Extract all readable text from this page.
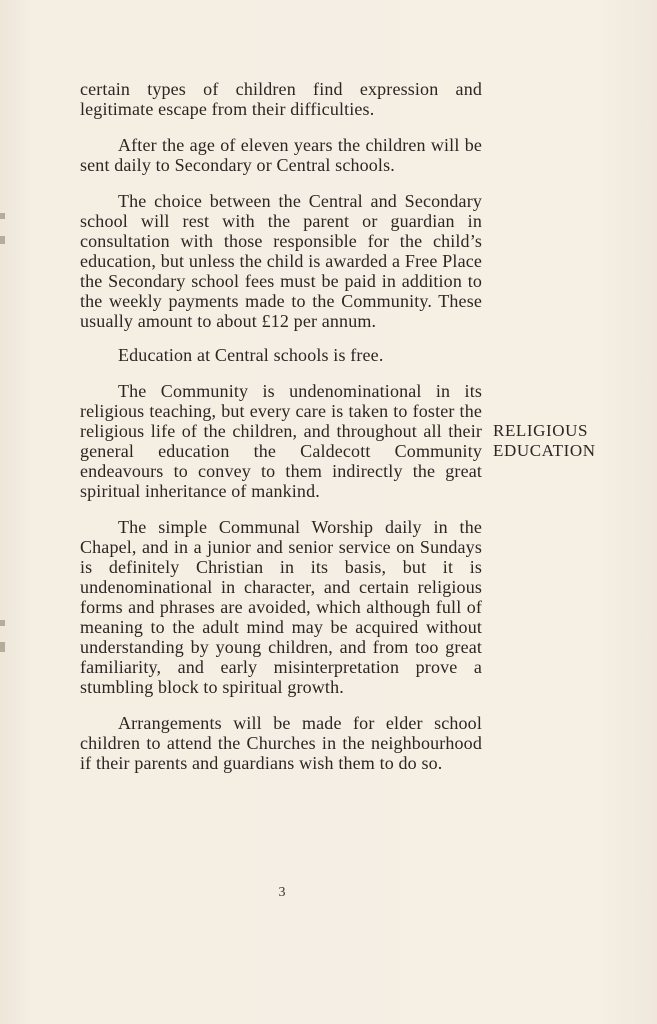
certain types of children find expression and legitimate escape from their difficulties.

After the age of eleven years the children will be sent daily to Secondary or Central schools.

The choice between the Central and Secondary school will rest with the parent or guardian in consultation with those responsible for the child’s education, but unless the child is awarded a Free Place the Secondary school fees must be paid in addition to the weekly payments made to the Community. These usually amount to about £12 per annum.

Education at Central schools is free.

The Community is undenominational in its religious teaching, but every care is taken to foster the religious life of the children, and throughout all their general education the Caldecott Community endeavours to convey to them indirectly the great spiritual inheritance of mankind.

The simple Communal Worship daily in the Chapel, and in a junior and senior service on Sundays is definitely Christian in its basis, but it is undenominational in character, and certain religious forms and phrases are avoided, which although full of meaning to the adult mind may be acquired without understanding by young children, and from too great familiarity, and early misinterpretation prove a stumbling block to spiritual growth.

Arrangements will be made for elder school children to attend the Churches in the neighbourhood if their parents and guardians wish them to do so.

RELIGIOUS
EDUCATION
3
